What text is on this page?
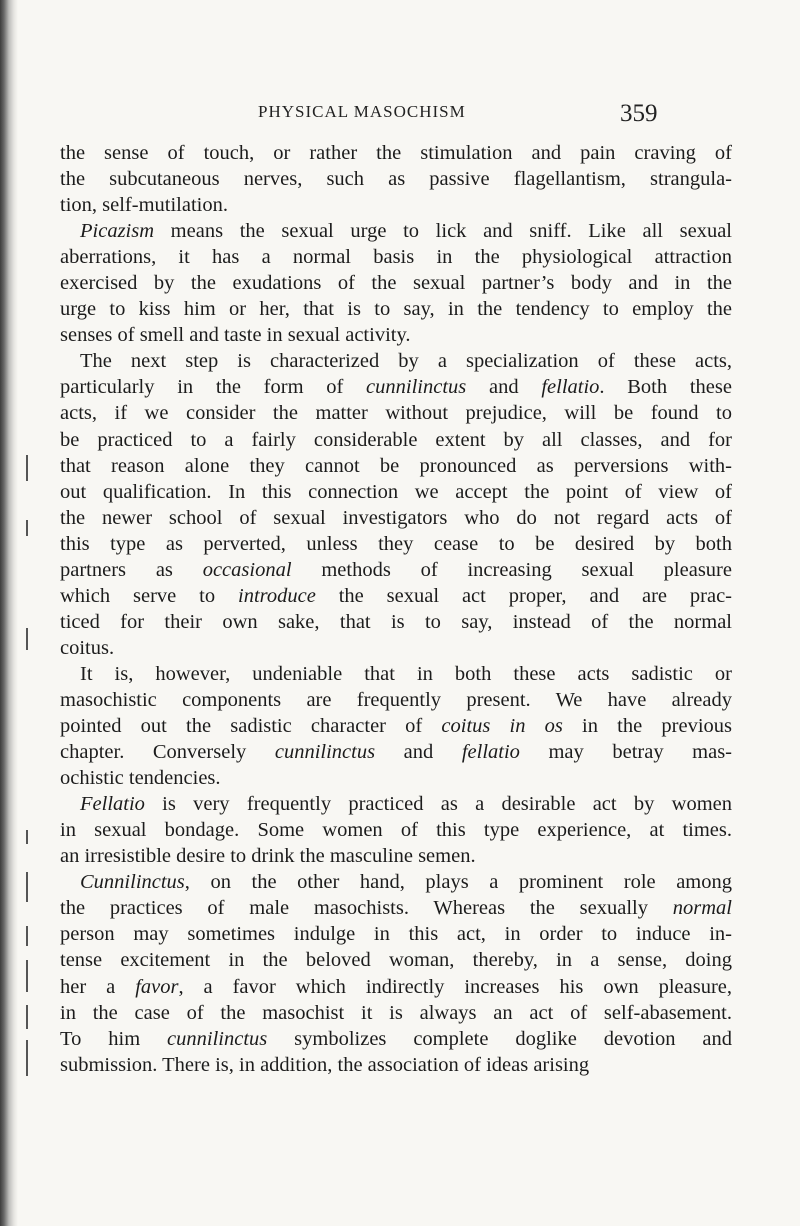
PHYSICAL MASOCHISM	359
the sense of touch, or rather the stimulation and pain craving of
the subcutaneous nerves, such as passive flagellantism, strangula-
tion, self-mutilation.
Picazism means the sexual urge to lick and sniff. Like all sexual
aberrations, it has a normal basis in the physiological attraction
exercised by the exudations of the sexual partner’s body and in the
urge to kiss him or her, that is to say, in the tendency to employ the
senses of smell and taste in sexual activity.
The next step is characterized by a specialization of these acts,
particularly in the form of cunnilinctus and fellatio. Both these
acts, if we consider the matter without prejudice, will be found to
be practiced to a fairly considerable extent by all classes, and for
that reason alone they cannot be pronounced as perversions with-
out qualification. In this connection we accept the point of view of
the newer school of sexual investigators who do not regard acts of
this type as perverted, unless they cease to be desired by both
partners as occasional methods of increasing sexual pleasure
which serve to introduce the sexual act proper, and are prac-
ticed for their own sake, that is to say, instead of the normal
coitus.
It is, however, undeniable that in both these acts sadistic or
masochistic components are frequently present. We have already
pointed out the sadistic character of coitus in os in the previous
chapter. Conversely cunnilinctus and fellatio may betray mas-
ochistic tendencies.
Fellatio is very frequently practiced as a desirable act by women
in sexual bondage. Some women of this type experience, at times.
an irresistible desire to drink the masculine semen.
Cunnilinctus, on the other hand, plays a prominent role among
the practices of male masochists. Whereas the sexually normal
person may sometimes indulge in this act, in order to induce in-
tense excitement in the beloved woman, thereby, in a sense, doing
her a favor, a favor which indirectly increases his own pleasure,
in the case of the masochist it is always an act of self-abasement.
To him cunnilinctus symbolizes complete doglike devotion and
submission. There is, in addition, the association of ideas arising
